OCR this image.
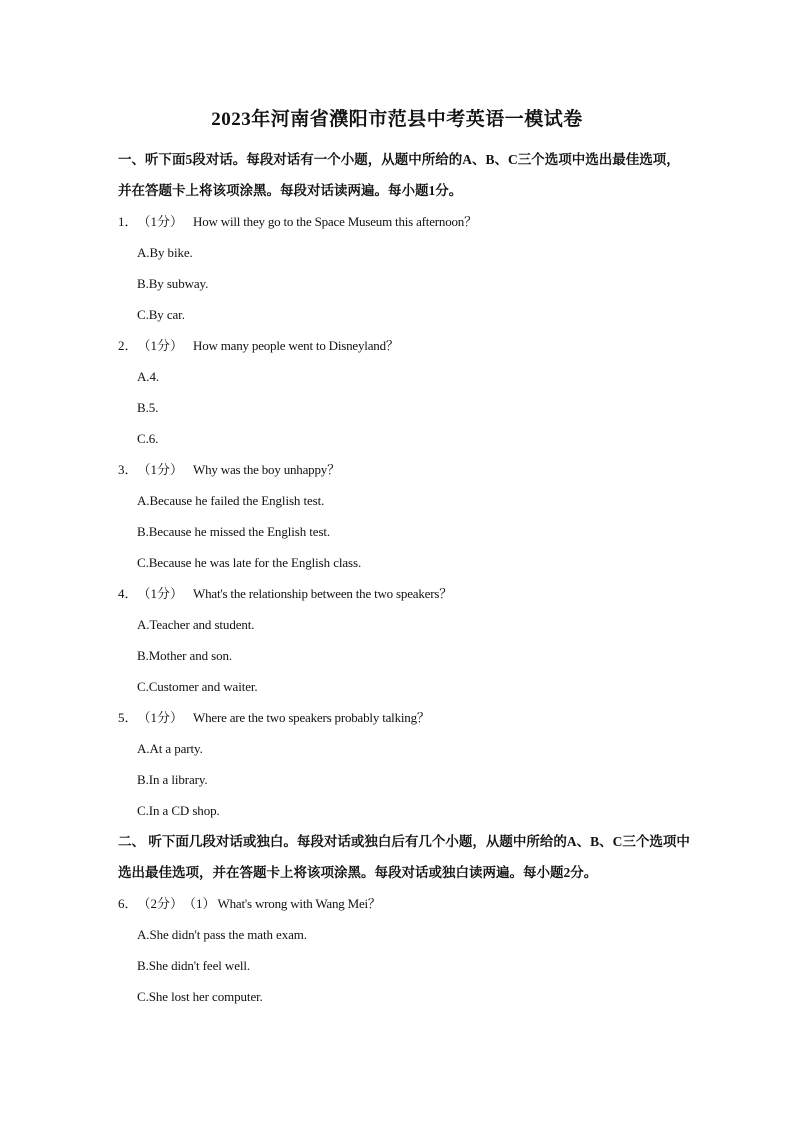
2023年河南省濮阳市范县中考英语一模试卷

一、听下面5段对话。每段对话有一个小题，从题中所给的A、B、C三个选项中选出最佳选项，并在答题卡上将该项涂黑。每段对话读两遍。每小题1分。

1．（1分） How will they go to the Space Museum this afternoon？
A.By bike.
B.By subway.
C.By car.
2．（1分） How many people went to Disneyland？
A.4.
B.5.
C.6.
3．（1分） Why was the boy unhappy？
A.Because he failed the English test.
B.Because he missed the English test.
C.Because he was late for the English class.
4．（1分） What's the relationship between the two speakers？
A.Teacher and student.
B.Mother and son.
C.Customer and waiter.
5．（1分） Where are the two speakers probably talking？
A.At a party.
B.In a library.
C.In a CD shop.

二、 听下面几段对话或独白。每段对话或独白后有几个小题，从题中所给的A、B、C三个选项中选出最佳选项，并在答题卡上将该项涂黑。每段对话或独白读两遍。每小题2分。

6．（2分）（1） What's wrong with Wang Mei？
A.She didn't pass the math exam.
B.She didn't feel well.
C.She lost her computer.
